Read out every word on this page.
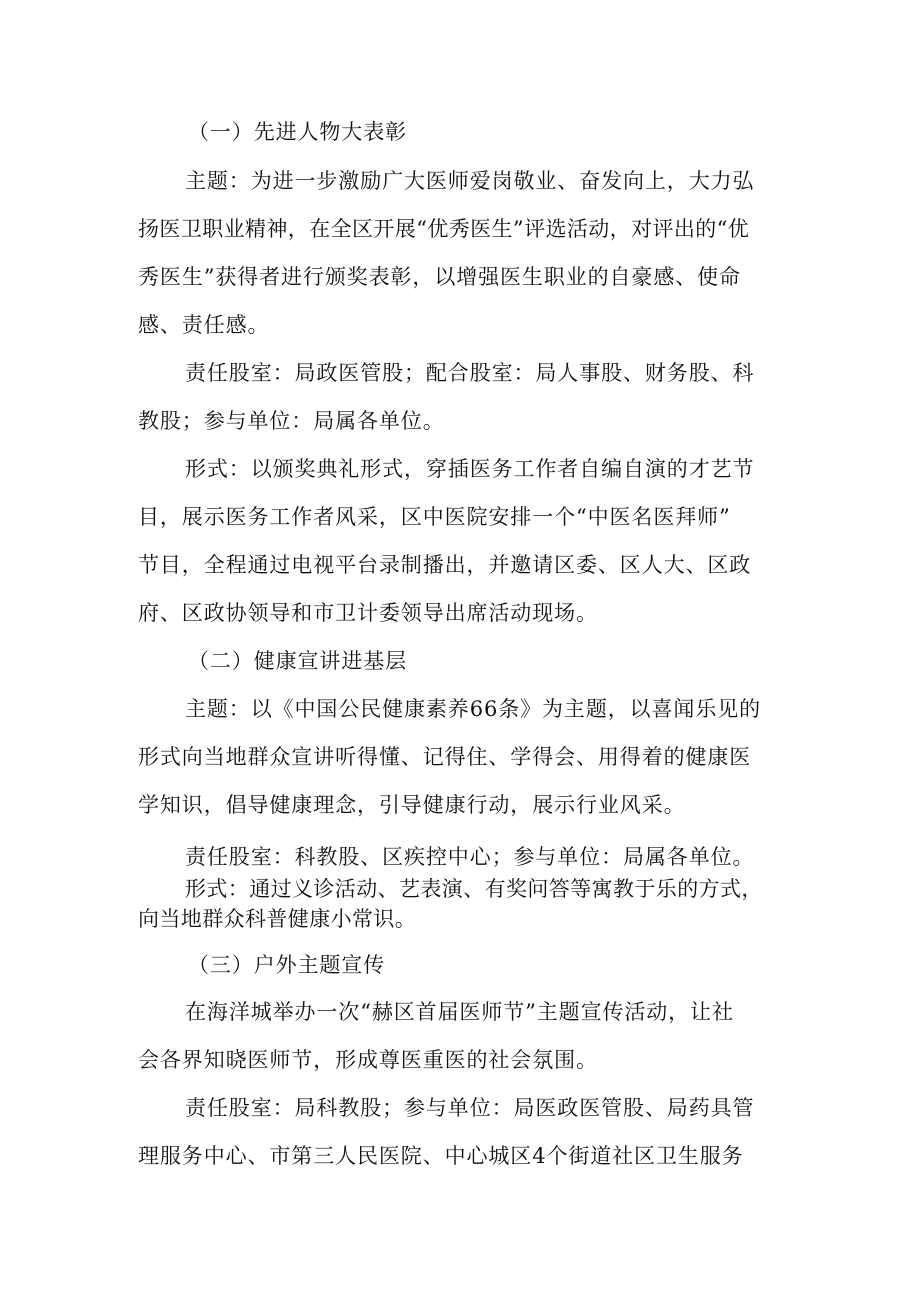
（一）先进人物大表彰
主题：为进一步激励广大医师爱岗敬业、奋发向上，大力弘
扬医卫职业精神，在全区开展“优秀医生”评选活动，对评出的“优
秀医生”获得者进行颁奖表彰，以增强医生职业的自豪感、使命
感、责任感。
责任股室：局政医管股；配合股室：局人事股、财务股、科
教股；参与单位：局属各单位。
形式：以颁奖典礼形式，穿插医务工作者自编自演的才艺节
目，展示医务工作者风采，区中医院安排一个“中医名医拜师”
节目，全程通过电视平台录制播出，并邀请区委、区人大、区政
府、区政协领导和市卫计委领导出席活动现场。
（二）健康宣讲进基层
主题：以《中国公民健康素养66条》为主题，以喜闻乐见的
形式向当地群众宣讲听得懂、记得住、学得会、用得着的健康医
学知识，倡导健康理念，引导健康行动，展示行业风采。
责任股室：科教股、区疾控中心；参与单位：局属各单位。
形式：通过义诊活动、艺表演、有奖问答等寓教于乐的方式，
向当地群众科普健康小常识。
（三）户外主题宣传
在海洋城举办一次“赫区首届医师节”主题宣传活动，让社
会各界知晓医师节，形成尊医重医的社会氛围。
责任股室：局科教股；参与单位：局医政医管股、局药具管
理服务中心、市第三人民医院、中心城区4个街道社区卫生服务
